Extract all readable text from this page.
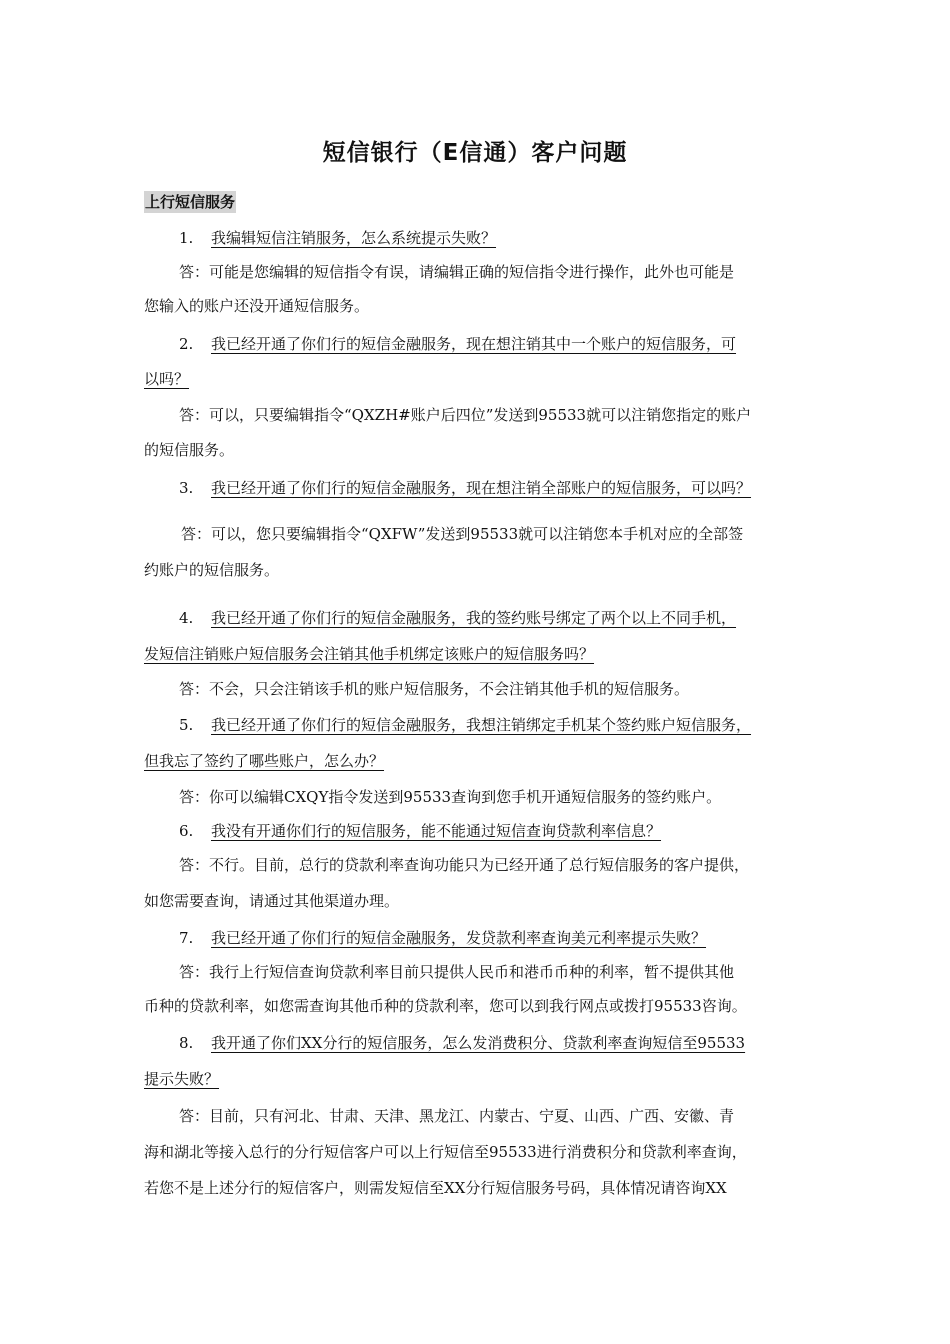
短信银行（E信通）客户问题
上行短信服务
1. 我编辑短信注销服务，怎么系统提示失败？
答：可能是您编辑的短信指令有误，请编辑正确的短信指令进行操作，此外也可能是
您输入的账户还没开通短信服务。
2. 我已经开通了你们行的短信金融服务，现在想注销其中一个账户的短信服务，可
以吗？
答：可以，只要编辑指令“QXZH#账户后四位”发送到95533就可以注销您指定的账户
的短信服务。
3. 我已经开通了你们行的短信金融服务，现在想注销全部账户的短信服务，可以吗？
答：可以，您只要编辑指令“QXFW”发送到95533就可以注销您本手机对应的全部签
约账户的短信服务。
4. 我已经开通了你们行的短信金融服务，我的签约账号绑定了两个以上不同手机，
发短信注销账户短信服务会注销其他手机绑定该账户的短信服务吗？
答：不会，只会注销该手机的账户短信服务，不会注销其他手机的短信服务。
5. 我已经开通了你们行的短信金融服务，我想注销绑定手机某个签约账户短信服务，
但我忘了签约了哪些账户，怎么办？
答：你可以编辑CXQY指令发送到95533查询到您手机开通短信服务的签约账户。
6. 我没有开通你们行的短信服务，能不能通过短信查询贷款利率信息？
答：不行。目前，总行的贷款利率查询功能只为已经开通了总行短信服务的客户提供，
如您需要查询，请通过其他渠道办理。
7. 我已经开通了你们行的短信金融服务，发贷款利率查询美元利率提示失败？
答：我行上行短信查询贷款利率目前只提供人民币和港币币种的利率，暂不提供其他
币种的贷款利率，如您需查询其他币种的贷款利率，您可以到我行网点或拨打95533咨询。
8. 我开通了你们XX分行的短信服务，怎么发消费积分、贷款利率查询短信至95533
提示失败？
答：目前，只有河北、甘肃、天津、黑龙江、内蒙古、宁夏、山西、广西、安徽、青
海和湖北等接入总行的分行短信客户可以上行短信至95533进行消费积分和贷款利率查询，
若您不是上述分行的短信客户，则需发短信至XX分行短信服务号码，具体情况请咨询XX
